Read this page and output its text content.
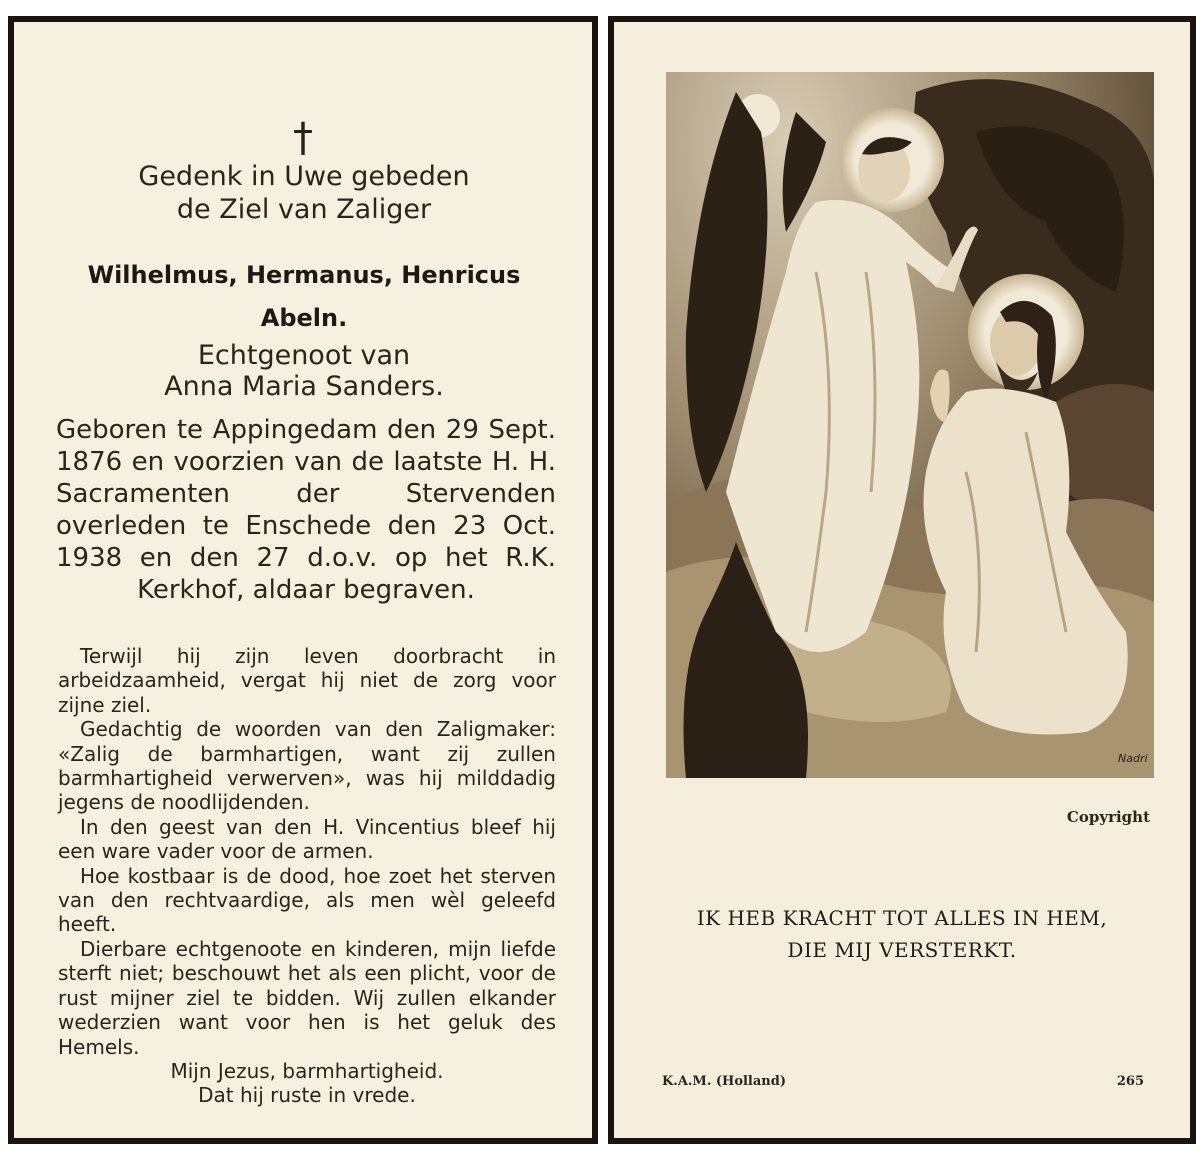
†
Gedenk in Uwe gebeden
de Ziel van Zaliger
Wilhelmus, Hermanus, Henricus
Abeln.
Echtgenoot van
Anna Maria Sanders.
Geboren te Appingedam den 29 Sept. 1876 en voorzien van de laatste H. H. Sacramenten der Stervenden overleden te Enschede den 23 Oct. 1938 en den 27 d.o.v. op het R.K. Kerkhof, aldaar begraven.
Terwijl hij zijn leven doorbracht in arbeidzaamheid, vergat hij niet de zorg voor zijne ziel.
Gedachtig de woorden van den Zaligmaker: «Zalig de barmhartigen, want zij zullen barmhartigheid verwerven», was hij milddadig jegens de noodlijdenden.
In den geest van den H. Vincentius bleef hij een ware vader voor de armen.
Hoe kostbaar is de dood, hoe zoet het sterven van den rechtvaardige, als men wèl geleefd heeft.
Dierbare echtgenoote en kinderen, mijn liefde sterft niet; beschouwt het als een plicht, voor de rust mijner ziel te bidden. Wij zullen elkander wederzien want voor hen is het geluk des Hemels.
Mijn Jezus, barmhartigheid.
Dat hij ruste in vrede.
Nadri
Copyright
IK HEB KRACHT TOT ALLES IN HEM,
DIE MIJ VERSTERKT.
K.A.M. (Holland)	265
